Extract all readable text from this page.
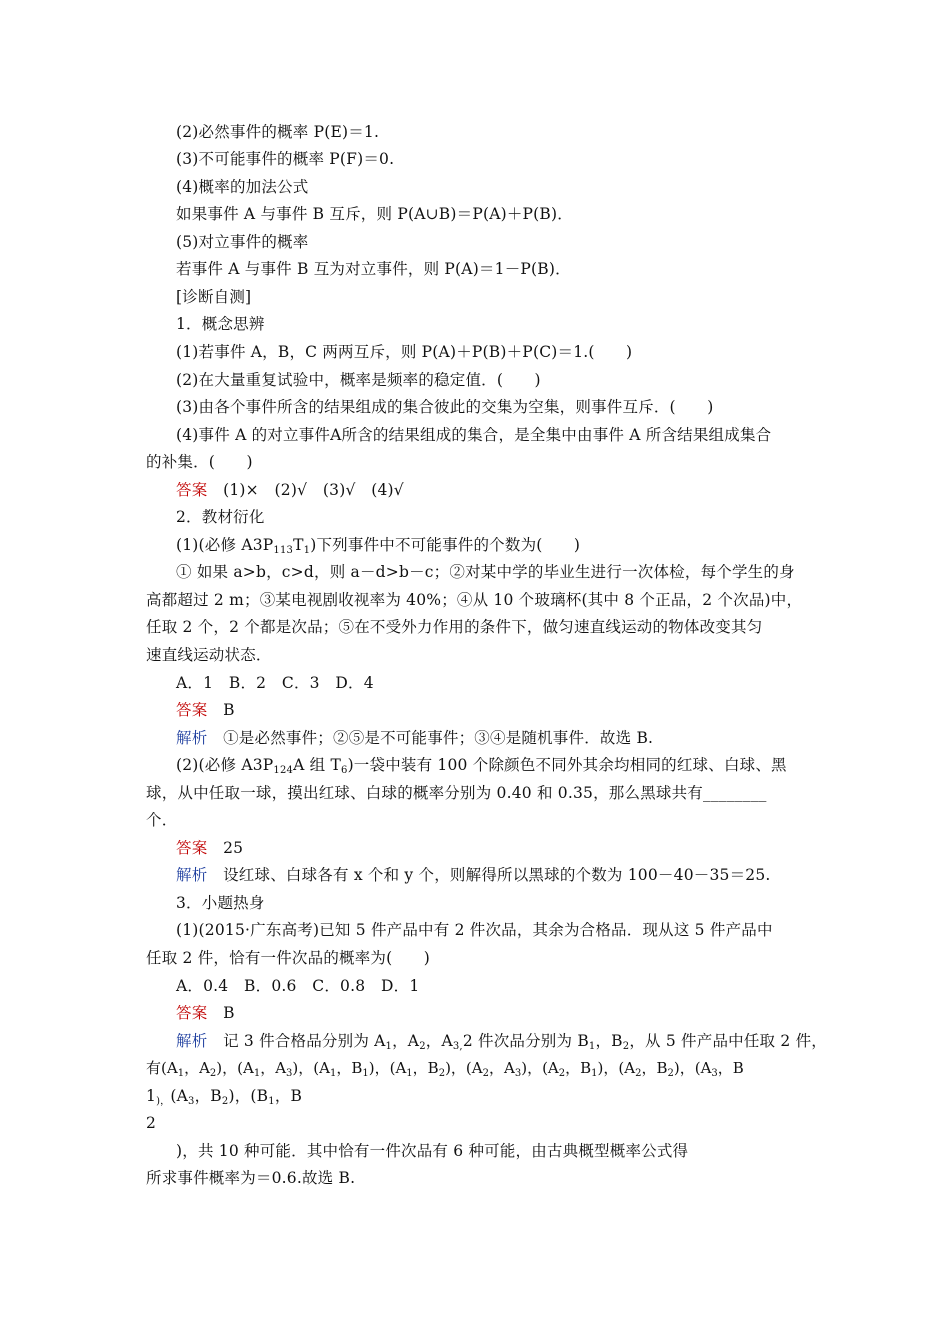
(2)必然事件的概率 P(E)＝1.
(3)不可能事件的概率 P(F)＝0.
(4)概率的加法公式
如果事件 A 与事件 B 互斥，则 P(A∪B)＝P(A)＋P(B)．
(5)对立事件的概率
若事件 A 与事件 B 互为对立事件，则 P(A)＝1－P(B)．
[诊断自测]
1．概念思辨
(1)若事件 A，B，C 两两互斥，则 P(A)＋P(B)＋P(C)＝1.(　　)
(2)在大量重复试验中，概率是频率的稳定值．(　　)
(3)由各个事件所含的结果组成的集合彼此的交集为空集，则事件互斥．(　　)
(4)事件 A 的对立事件A所含的结果组成的集合，是全集中由事件 A 所含结果组成集合
的补集．(　　)
答案　 (1)×　(2)√　(3)√　(4)√
2．教材衍化
(1)(必修 $A3P_{113}T_1$)下列事件中不可能事件的个数为(　　)
① 如果 a>b，c>d，则 a－d>b－c；②对某中学的毕业生进行一次体检，每个学生的身
高都超过 2 m；③某电视剧收视率为 40%；④从 10 个玻璃杯(其中 8 个正品，2 个次品)中，
任取 2 个，2 个都是次品；⑤在不受外力作用的条件下，做匀速直线运动的物体改变其匀
速直线运动状态．
A．1　B．2　C．3　D．4
答案　 B
解析　 ①是必然事件；②⑤是不可能事件；③④是随机事件．故选 B.
(2)(必修 $A3P_{124}A$ 组 $T_6$)一袋中装有 100 个除颜色不同外其余均相同的红球、白球、黑
球，从中任取一球，摸出红球、白球的概率分别为 0.40 和 0.35，那么黑球共有________
个．
答案　 25
解析　 设红球、白球各有 x 个和 y 个，则解得所以黑球的个数为 100－40－35＝25.
3．小题热身
(1)(2015·广东高考)已知 5 件产品中有 2 件次品，其余为合格品．现从这 5 件产品中
任取 2 件，恰有一件次品的概率为(　　)
A．0.4　B．0.6　C．0.8　D．1
答案　 B
解析　 记 3 件合格品分别为 $A_1$，$A_2$，$A_{3,}2$ 件次品分别为 $B_1$，$B_2$，从 5 件产品中任取 2 件，
有($A_1$，$A_2$)，($A_1$，$A_3$)，($A_1$，$B_1$)，($A_1$，$B_2$)，($A_2$，$A_3$)，($A_2$，$B_1$)，($A_2$，$B_2$)，($A_3$，B
$1_{),}(A_3$，$B_2$)，($B_1$，B
2
)，共 10 种可能．其中恰有一件次品有 6 种可能，由古典概型概率公式得
所求事件概率为＝0.6.故选 B.
